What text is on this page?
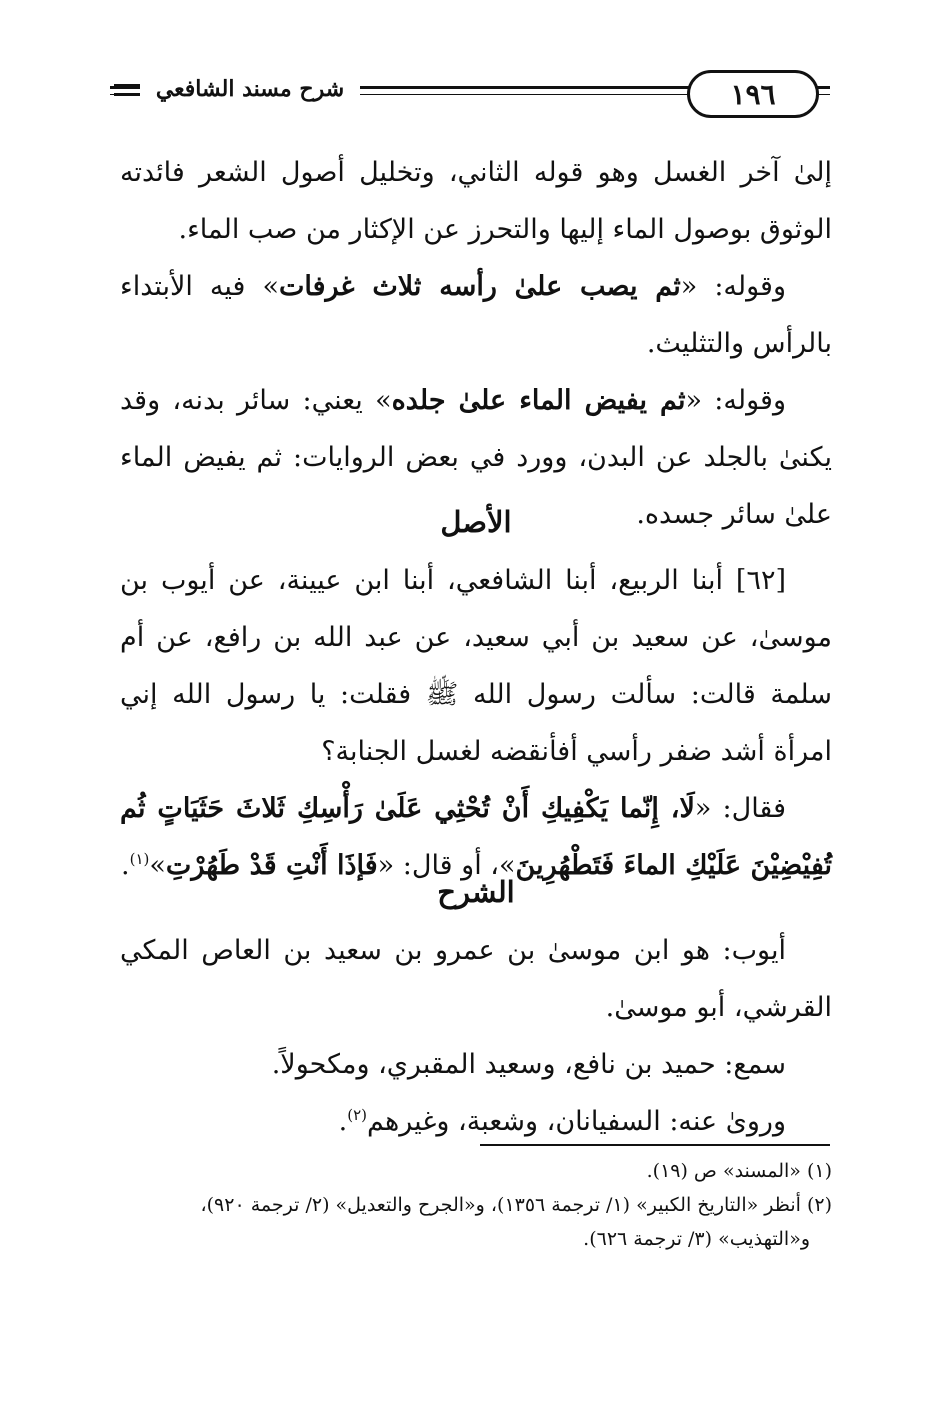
شرح مسند الشافعي	١٩٦

إلىٰ آخر الغسل وهو قوله الثاني، وتخليل أصول الشعر فائدته الوثوق بوصول الماء إليها والتحرز عن الإكثار من صب الماء.

وقوله: «ثم يصب علىٰ رأسه ثلاث غرفات» فيه الأبتداء بالرأس والتثليث.

وقوله: «ثم يفيض الماء علىٰ جلده» يعني: سائر بدنه، وقد يكنىٰ بالجلد عن البدن، وورد في بعض الروايات: ثم يفيض الماء علىٰ سائر جسده.

الأصل

[٦٢] أبنا الربيع، أبنا الشافعي، أبنا ابن عيينة، عن أيوب بن موسىٰ، عن سعيد بن أبي سعيد، عن عبد الله بن رافع، عن أم سلمة قالت: سألت رسول الله ﷺ فقلت: يا رسول الله إني امرأة أشد ضفر رأسي أفأنقضه لغسل الجنابة؟

فقال: «لَا، إِنّما يَكْفِيكِ أَنْ تُحْثِي عَلَىٰ رَأْسِكِ ثَلاثَ حَثَيَاتٍ ثُم تُفِيْضِيْنَ عَلَيْكِ الماءَ فَتَطْهُرِينَ»، أو قال: «فَإذَا أَنْتِ قَدْ طَهُرْتِ»$^{(١)}$.

الشرح

أيوب: هو ابن موسىٰ بن عمرو بن سعيد بن العاص المكي القرشي، أبو موسىٰ.

سمع: حميد بن نافع، وسعيد المقبري، ومكحولاً.

وروىٰ عنه: السفيانان، وشعبة، وغيرهم$^{(٢)}$.

(١) «المسند» ص (١٩).

(٢) أنظر «التاريخ الكبير» (١/ ترجمة ١٣٥٦)، و«الجرح والتعديل» (٢/ ترجمة ٩٢٠)،

و«التهذيب» (٣/ ترجمة ٦٢٦).
